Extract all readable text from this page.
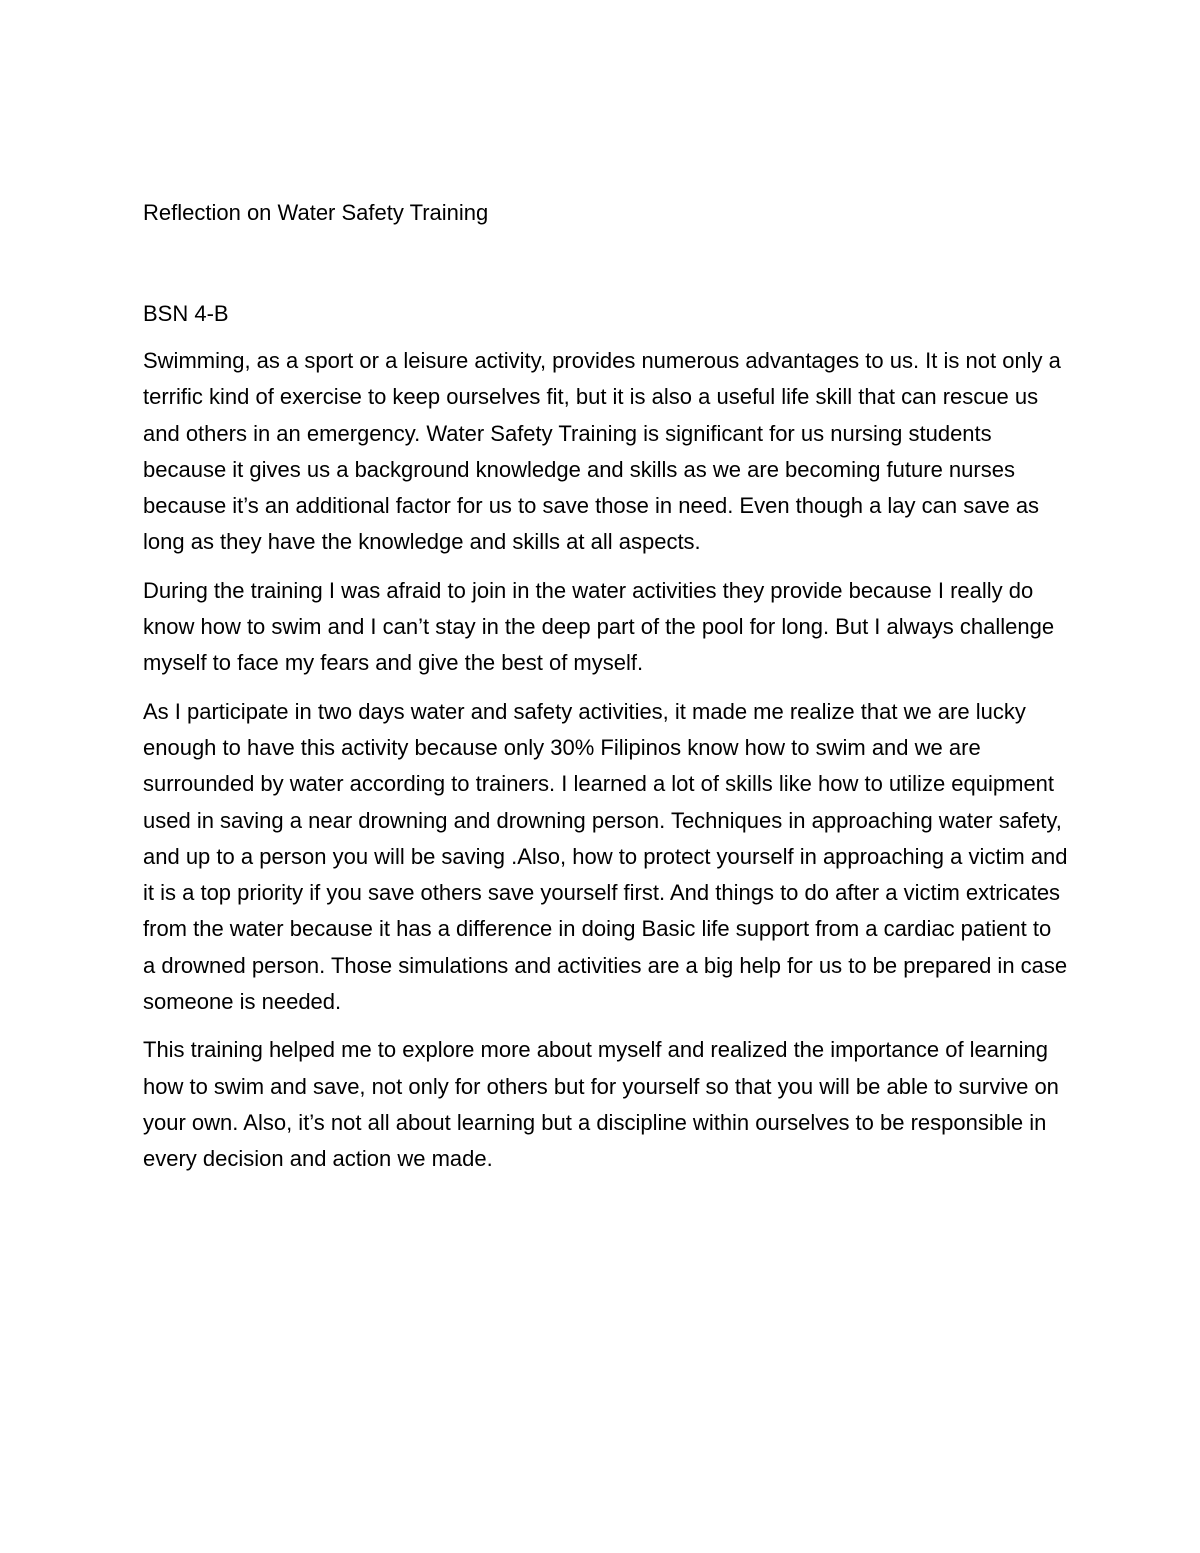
Reflection on Water Safety Training

BSN 4-B

Swimming, as a sport or a leisure activity, provides numerous advantages to us. It is not only a terrific kind of exercise to keep ourselves fit, but it is also a useful life skill that can rescue us and others in an emergency. Water Safety Training is significant for us nursing students because it gives us a background knowledge and skills as we are becoming future nurses because it’s an additional factor for us to save those in need. Even though a lay can save as long as they have the knowledge and skills at all aspects.

During the training I was afraid to join in the water activities they provide because I really do know how to swim and I can’t stay in the deep part of the pool for long. But I always challenge myself to face my fears and give the best of myself.

As I participate in two days water and safety activities, it made me realize that we are lucky enough to have this activity because only 30% Filipinos know how to swim and we are surrounded by water according to trainers. I learned a lot of skills like how to utilize equipment used in saving a near drowning and drowning person. Techniques in approaching water safety, and up to a person you will be saving .Also, how to protect yourself in approaching a victim and it is a top priority if you save others save yourself first. And things to do after a victim extricates from the water because it has a difference in doing Basic life support from a cardiac patient to a drowned person. Those simulations and activities are a big help for us to be prepared in case someone is needed.

This training helped me to explore more about myself and realized the importance of learning how to swim and save, not only for others but for yourself so that you will be able to survive on your own. Also, it’s not all about learning but a discipline within ourselves to be responsible in every decision and action we made.
